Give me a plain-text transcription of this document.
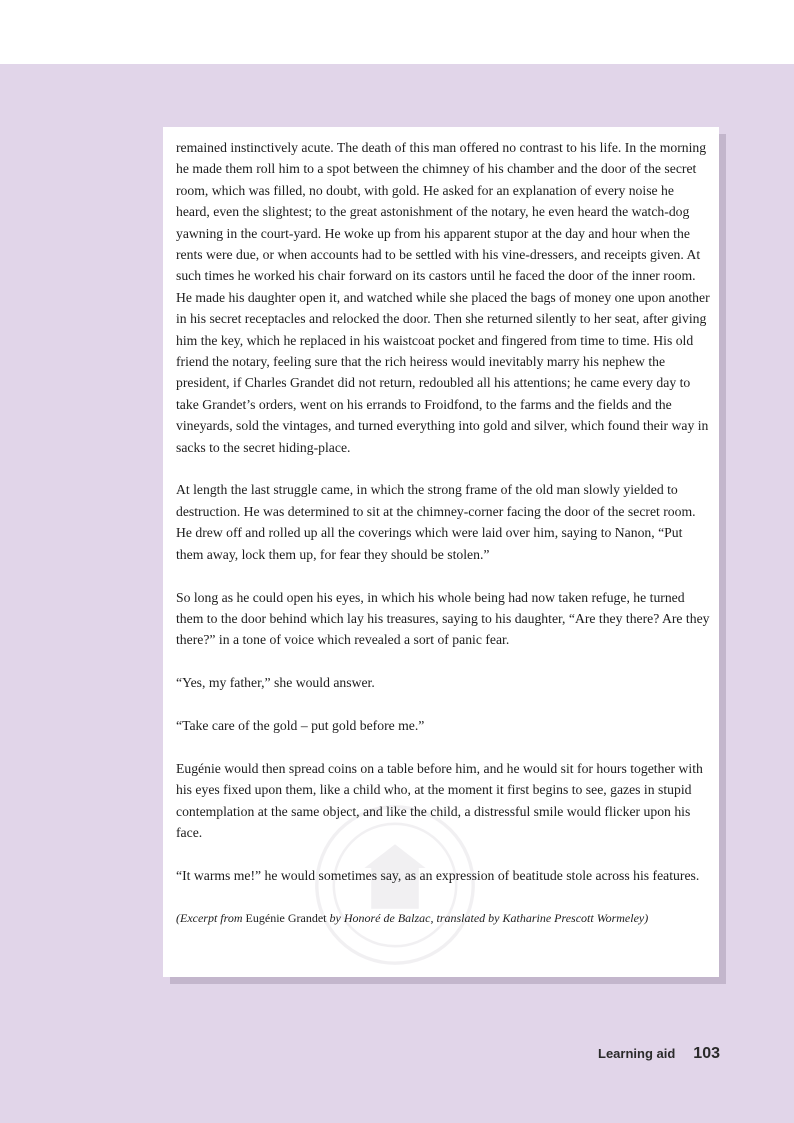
remained instinctively acute. The death of this man offered no contrast to his life. In the morning he made them roll him to a spot between the chimney of his chamber and the door of the secret room, which was filled, no doubt, with gold. He asked for an explanation of every noise he heard, even the slightest; to the great astonishment of the notary, he even heard the watch-dog yawning in the court-yard. He woke up from his apparent stupor at the day and hour when the rents were due, or when accounts had to be settled with his vine-dressers, and receipts given. At such times he worked his chair forward on its castors until he faced the door of the inner room. He made his daughter open it, and watched while she placed the bags of money one upon another in his secret receptacles and relocked the door. Then she returned silently to her seat, after giving him the key, which he replaced in his waistcoat pocket and fingered from time to time. His old friend the notary, feeling sure that the rich heiress would inevitably marry his nephew the president, if Charles Grandet did not return, redoubled all his attentions; he came every day to take Grandet’s orders, went on his errands to Froidfond, to the farms and the fields and the vineyards, sold the vintages, and turned everything into gold and silver, which found their way in sacks to the secret hiding-place.

At length the last struggle came, in which the strong frame of the old man slowly yielded to destruction. He was determined to sit at the chimney-corner facing the door of the secret room. He drew off and rolled up all the coverings which were laid over him, saying to Nanon, “Put them away, lock them up, for fear they should be stolen.”

So long as he could open his eyes, in which his whole being had now taken refuge, he turned them to the door behind which lay his treasures, saying to his daughter, “Are they there? Are they there?” in a tone of voice which revealed a sort of panic fear.

“Yes, my father,” she would answer.

“Take care of the gold – put gold before me.”

Eugénie would then spread coins on a table before him, and he would sit for hours together with his eyes fixed upon them, like a child who, at the moment it first begins to see, gazes in stupid contemplation at the same object, and like the child, a distressful smile would flicker upon his face.

“It warms me!” he would sometimes say, as an expression of beatitude stole across his features.

(Excerpt from Eugénie Grandet by Honoré de Balzac, translated by Katharine Prescott Wormeley)

Learning aid 103
